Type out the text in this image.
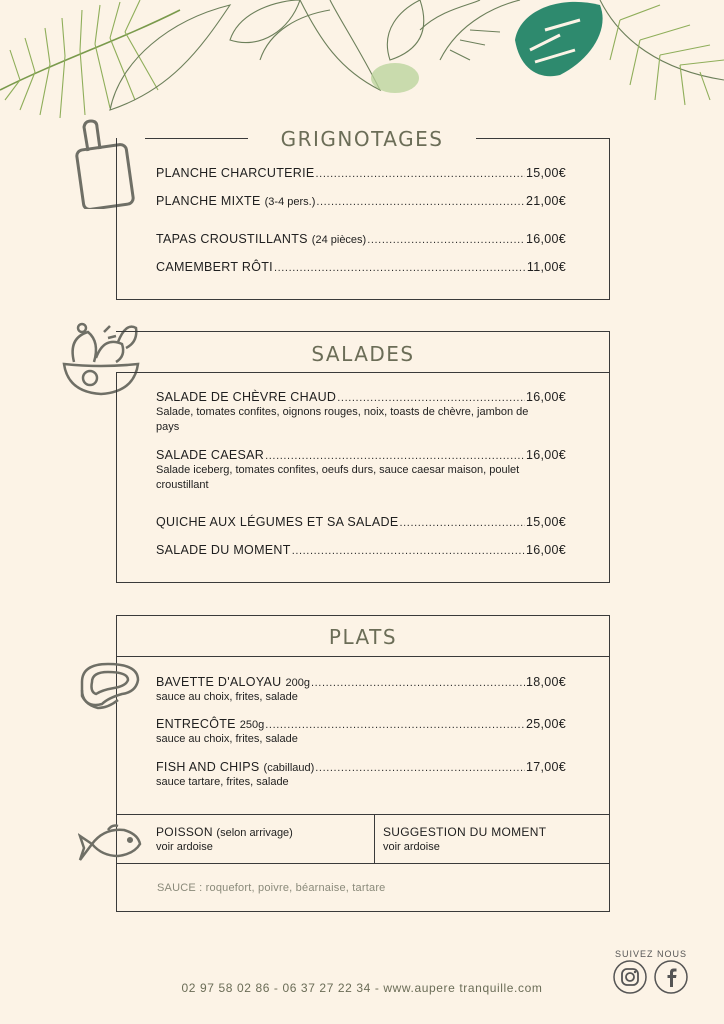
GRIGNOTAGES
PLANCHE CHARCUTERIE .....	15,00€
PLANCHE MIXTE (3-4 pers.) .....	21,00€
TAPAS CROUSTILLANTS (24 pièces) .....	16,00€
CAMEMBERT RÔTI .....	11,00€
SALADES
SALADE DE CHÈVRE CHAUD .....	16,00€
Salade, tomates confites, oignons rouges, noix, toasts de chèvre, jambon de pays
SALADE CAESAR .....	16,00€
Salade iceberg, tomates confites, oeufs durs, sauce caesar maison, poulet croustillant
QUICHE AUX LÉGUMES ET SA SALADE .....	15,00€
SALADE DU MOMENT .....	16,00€
PLATS
BAVETTE D'ALOYAU 200g .....	18,00€
sauce au choix, frites, salade
ENTRECÔTE 250g .....	25,00€
sauce au choix, frites, salade
FISH AND CHIPS (cabillaud) .....	17,00€
sauce tartare, frites, salade
POISSON (selon arrivage)
voir ardoise
SUGGESTION DU MOMENT
voir ardoise
SAUCE : roquefort, poivre, béarnaise, tartare
SUIVEZ NOUS
02 97 58 02 86 - 06 37 27 22 34 - www.aupere tranquille.com
